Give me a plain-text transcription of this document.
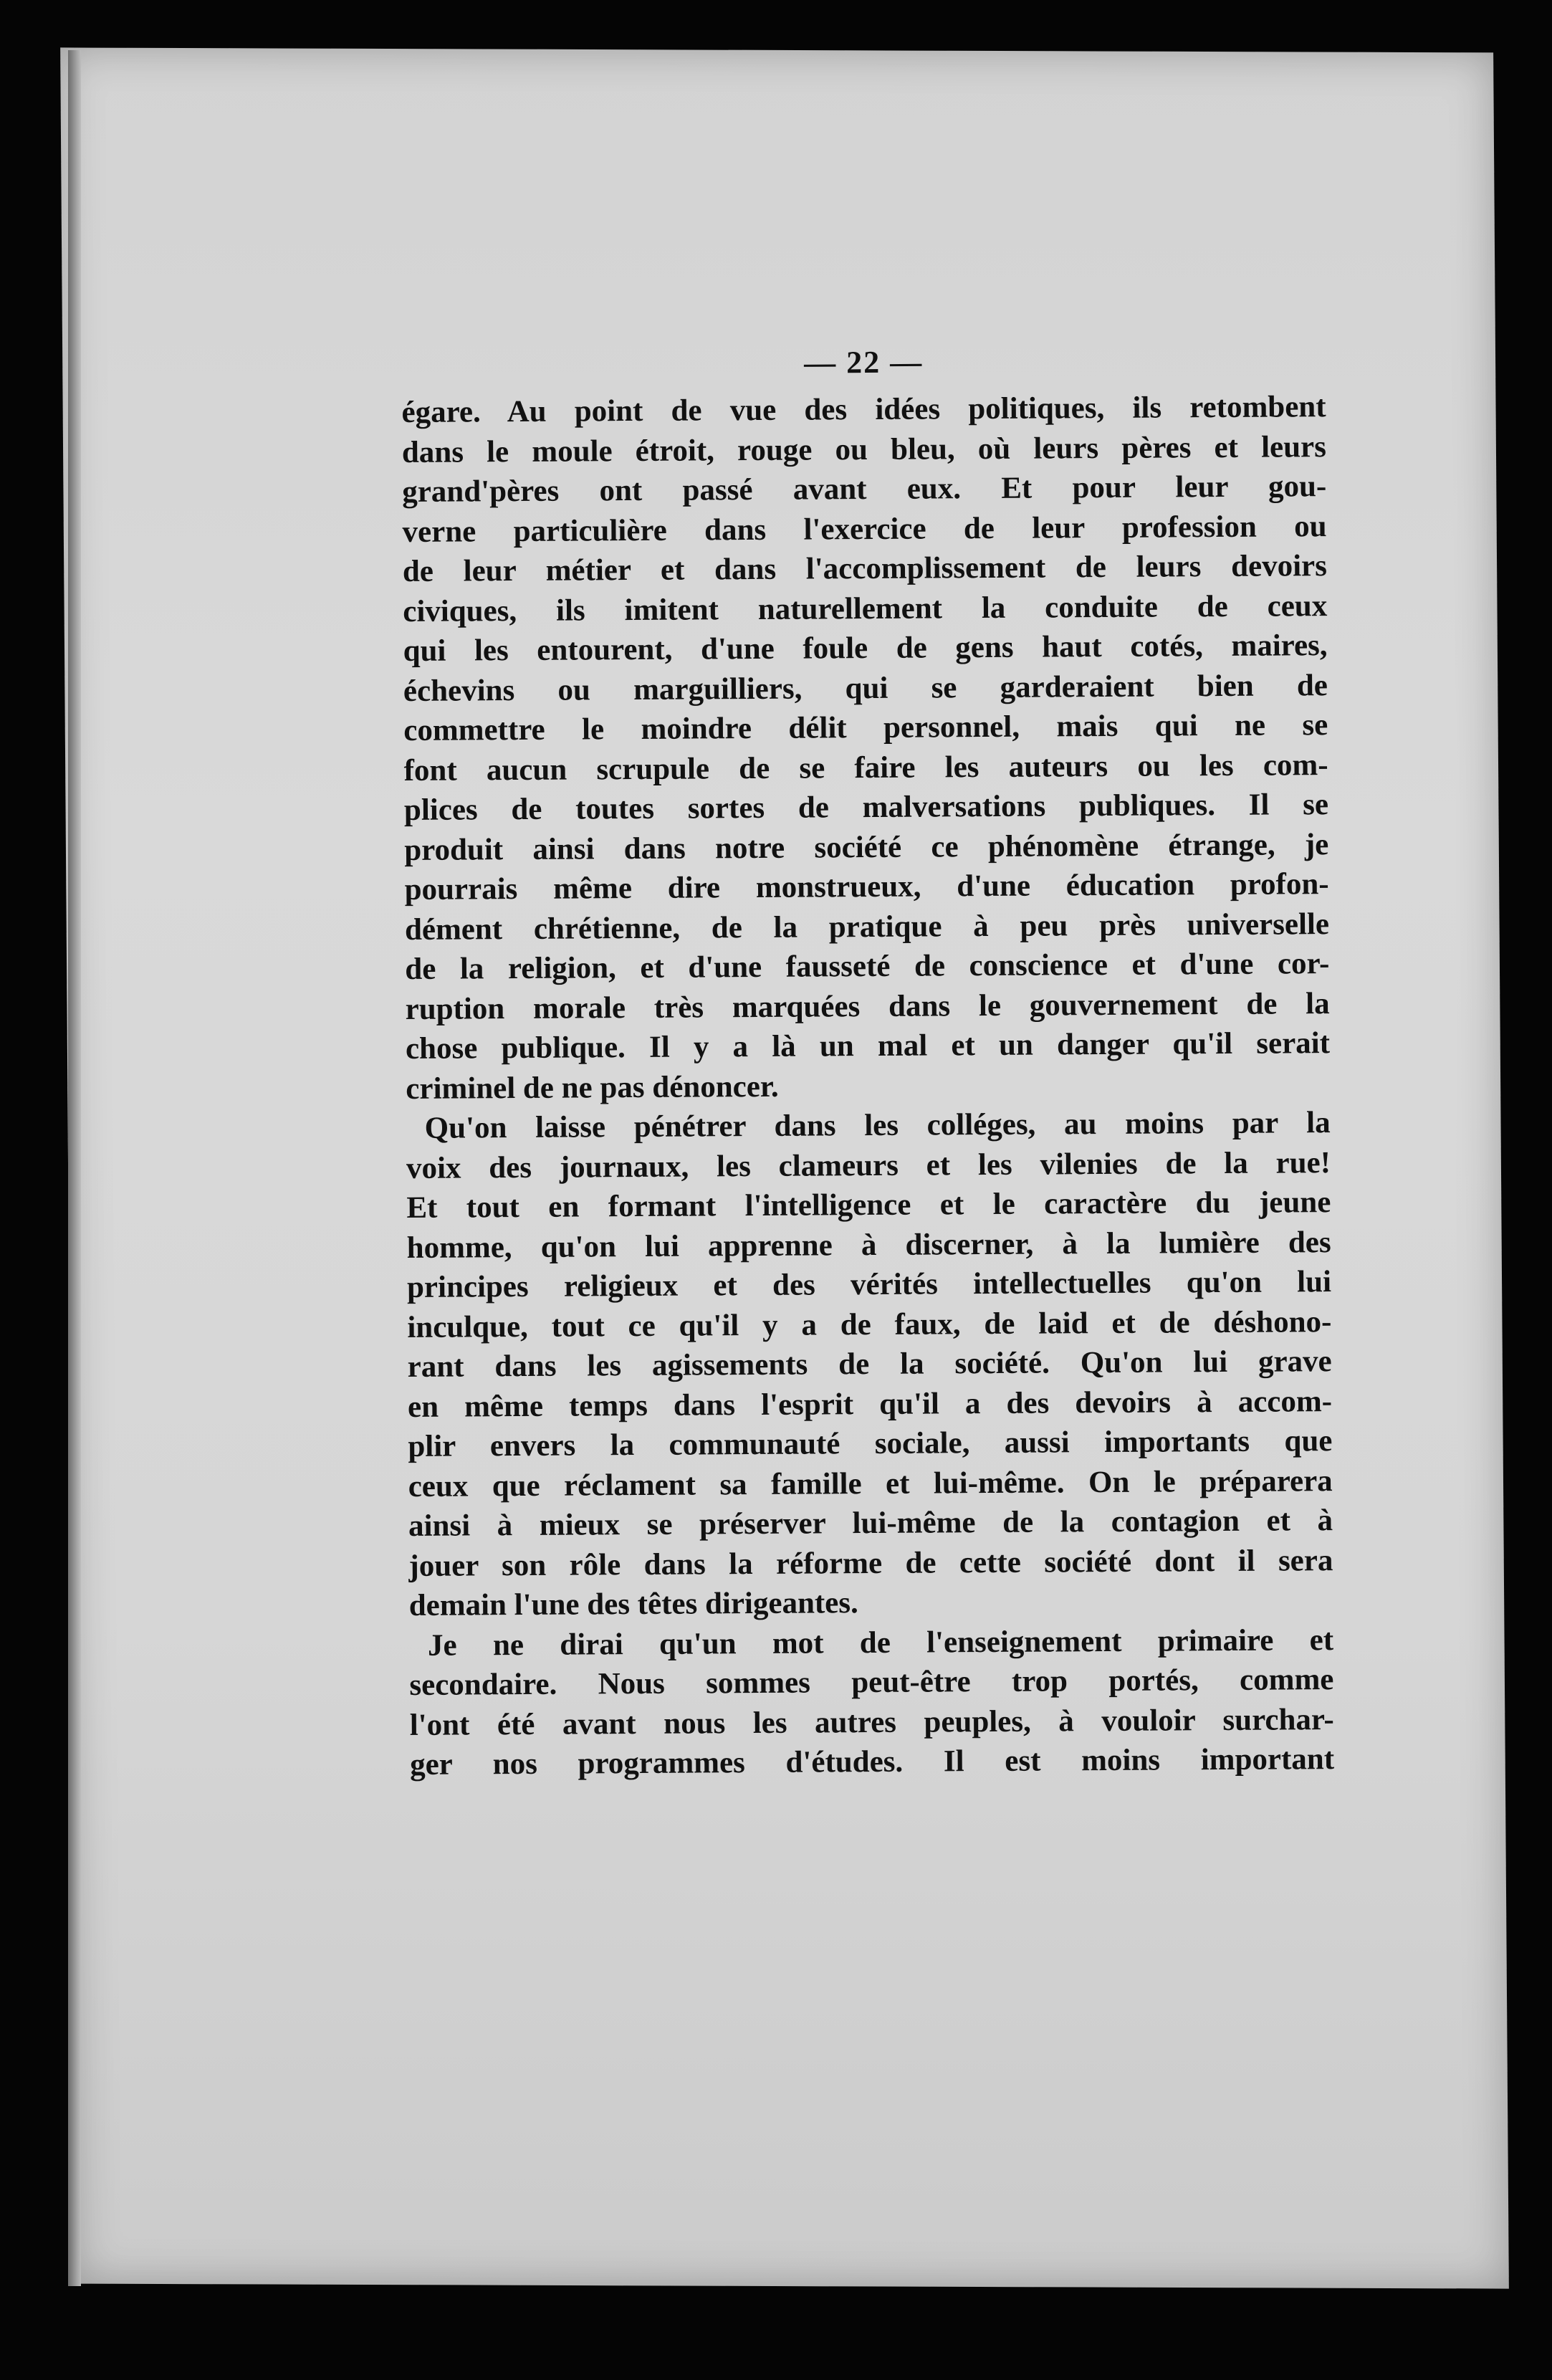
— 22 —
égare. Au point de vue des idées politiques, ils retombent
dans le moule étroit, rouge ou bleu, où leurs pères et leurs
grand'pères ont passé avant eux. Et pour leur gou-
verne particulière dans l'exercice de leur profession ou
de leur métier et dans l'accomplissement de leurs devoirs
civiques, ils imitent naturellement la conduite de ceux
qui les entourent, d'une foule de gens haut cotés, maires,
échevins ou marguilliers, qui se garderaient bien de
commettre le moindre délit personnel, mais qui ne se
font aucun scrupule de se faire les auteurs ou les com-
plices de toutes sortes de malversations publiques. Il se
produit ainsi dans notre société ce phénomène étrange, je
pourrais même dire monstrueux, d'une éducation profon-
dément chrétienne, de la pratique à peu près universelle
de la religion, et d'une fausseté de conscience et d'une cor-
ruption morale très marquées dans le gouvernement de la
chose publique. Il y a là un mal et un danger qu'il serait
criminel de ne pas dénoncer.
Qu'on laisse pénétrer dans les colléges, au moins par la
voix des journaux, les clameurs et les vilenies de la rue!
Et tout en formant l'intelligence et le caractère du jeune
homme, qu'on lui apprenne à discerner, à la lumière des
principes religieux et des vérités intellectuelles qu'on lui
inculque, tout ce qu'il y a de faux, de laid et de déshono-
rant dans les agissements de la société. Qu'on lui grave
en même temps dans l'esprit qu'il a des devoirs à accom-
plir envers la communauté sociale, aussi importants que
ceux que réclament sa famille et lui-même. On le préparera
ainsi à mieux se préserver lui-même de la contagion et à
jouer son rôle dans la réforme de cette société dont il sera
demain l'une des têtes dirigeantes.
Je ne dirai qu'un mot de l'enseignement primaire et
secondaire. Nous sommes peut-être trop portés, comme
l'ont été avant nous les autres peuples, à vouloir surchar-
ger nos programmes d'études. Il est moins important
